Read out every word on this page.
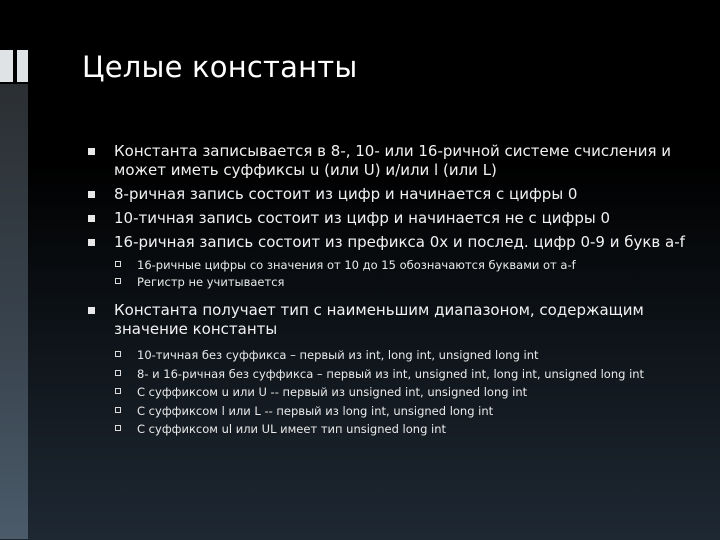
Целые константы
Константа записывается в 8-, 10- или 16-ричной системе счисления и может иметь суффиксы u (или U) и/или l (или L)
8-ричная запись состоит из цифр и начинается с цифры 0
10-тичная запись состоит из цифр и начинается не с цифры 0
16-ричная запись состоит из префикса 0x и послед. цифр 0-9 и букв a-f
16-ричные цифры со значения от 10 до 15 обозначаются буквами от a-f
Регистр не учитывается
Константа получает тип с наименьшим диапазоном, содержащим значение константы
10-тичная без суффикса – первый из int, long int, unsigned long int
8- и 16-ричная без суффикса – первый из int, unsigned int, long int, unsigned long int
С суффиксом u или U -- первый из unsigned int, unsigned long int
С суффиксом l или L -- первый из long int, unsigned long int
С суффиксом ul или UL имеет тип unsigned long int
